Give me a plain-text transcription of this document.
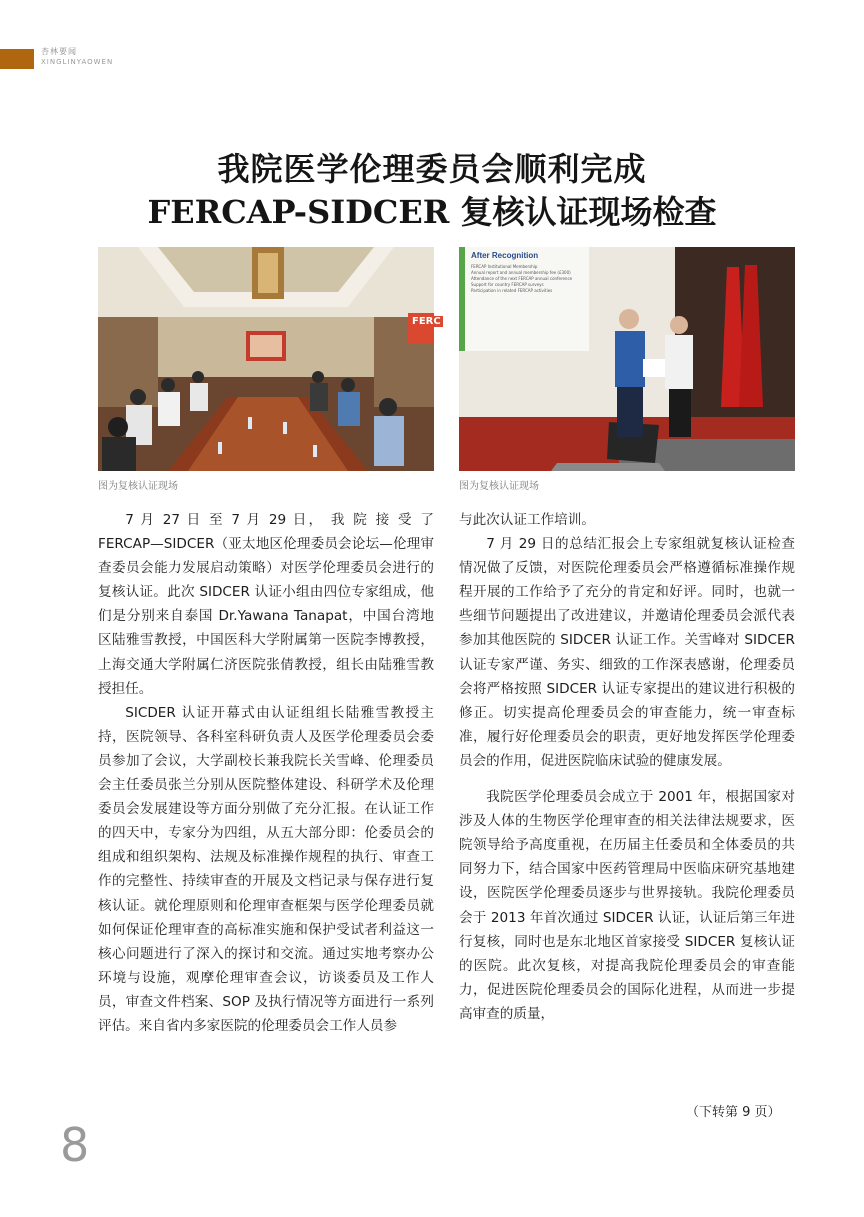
杏林要闻
XINGLINYAOWEN
我院医学伦理委员会顺利完成
FERCAP-SIDCER 复核认证现场检查
After Recognition
FERCAP Institutional Membership
Annual report and annual membership fee (£300)
Attendance of the next FERCAP annual conference
Support for country FERCAP surveys
Participation in related FERCAP activities
FERC
图为复核认证现场	图为复核认证现场

7 月 27 日 至 7 月 29 日， 我 院 接 受 了 FERCAP—SIDCER（亚太地区伦理委员会论坛—伦理审查委员会能力发展启动策略）对医学伦理委员会进行的复核认证。此次 SIDCER 认证小组由四位专家组成，他们是分别来自泰国 Dr.Yawana Tanapat，中国台湾地区陆雅雪教授，中国医科大学附属第一医院李博教授，上海交通大学附属仁济医院张倩教授，组长由陆雅雪教授担任。

SICDER 认证开幕式由认证组组长陆雅雪教授主持，医院领导、各科室科研负责人及医学伦理委员会委员参加了会议，大学副校长兼我院长关雪峰、伦理委员会主任委员张兰分别从医院整体建设、科研学术及伦理委员会发展建设等方面分别做了充分汇报。在认证工作的四天中，专家分为四组，从五大部分即：伦委员会的组成和组织架构、法规及标准操作规程的执行、审查工作的完整性、持续审查的开展及文档记录与保存进行复核认证。就伦理原则和伦理审查框架与医学伦理委员就如何保证伦理审查的高标准实施和保护受试者利益这一核心问题进行了深入的探讨和交流。通过实地考察办公环境与设施，观摩伦理审查会议，访谈委员及工作人员，审查文件档案、SOP 及执行情况等方面进行一系列评估。来自省内多家医院的伦理委员会工作人员参

与此次认证工作培训。

7 月 29 日的总结汇报会上专家组就复核认证检查情况做了反馈，对医院伦理委员会严格遵循标准操作规程开展的工作给予了充分的肯定和好评。同时，也就一些细节问题提出了改进建议，并邀请伦理委员会派代表参加其他医院的 SIDCER 认证工作。关雪峰对 SIDCER 认证专家严谨、务实、细致的工作深表感谢，伦理委员会将严格按照 SIDCER 认证专家提出的建议进行积极的修正。切实提高伦理委员会的审查能力，统一审查标准，履行好伦理委员会的职责，更好地发挥医学伦理委员会的作用，促进医院临床试验的健康发展。

我院医学伦理委员会成立于 2001 年，根据国家对涉及人体的生物医学伦理审查的相关法律法规要求，医院领导给予高度重视，在历届主任委员和全体委员的共同努力下，结合国家中医药管理局中医临床研究基地建设，医院医学伦理委员逐步与世界接轨。我院伦理委员会于 2013 年首次通过 SIDCER 认证，认证后第三年进行复核，同时也是东北地区首家接受 SIDCER 复核认证的医院。此次复核，对提高我院伦理委员会的审查能力，促进医院伦理委员会的国际化进程，从而进一步提高审查的质量，

（下转第 9 页）
8
